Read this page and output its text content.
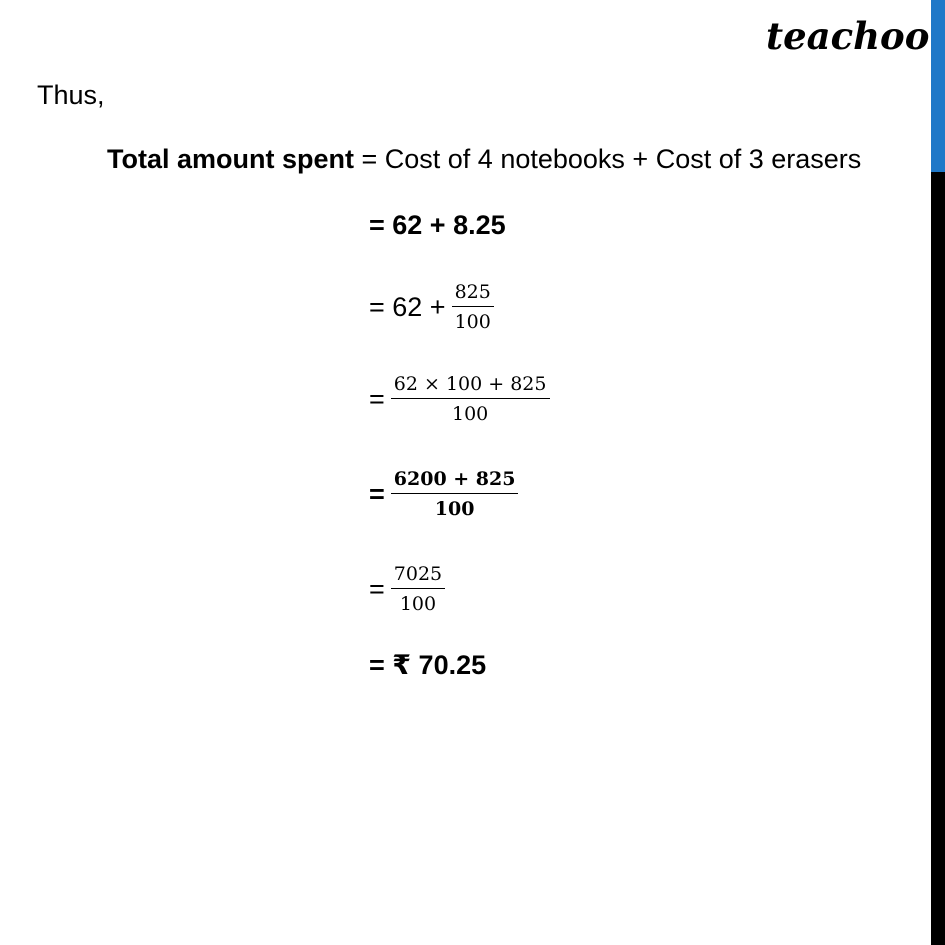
teachoo
Thus,
Total amount spent = Cost of 4 notebooks + Cost of 3 erasers
= 62 + 8.25
= $62 + \frac{825}{100}$
= $\frac{62 \times 100 + 825}{100}$
= $\frac{6200 + 825}{100}$
= $\frac{7025}{100}$
= ₹ 70.25
